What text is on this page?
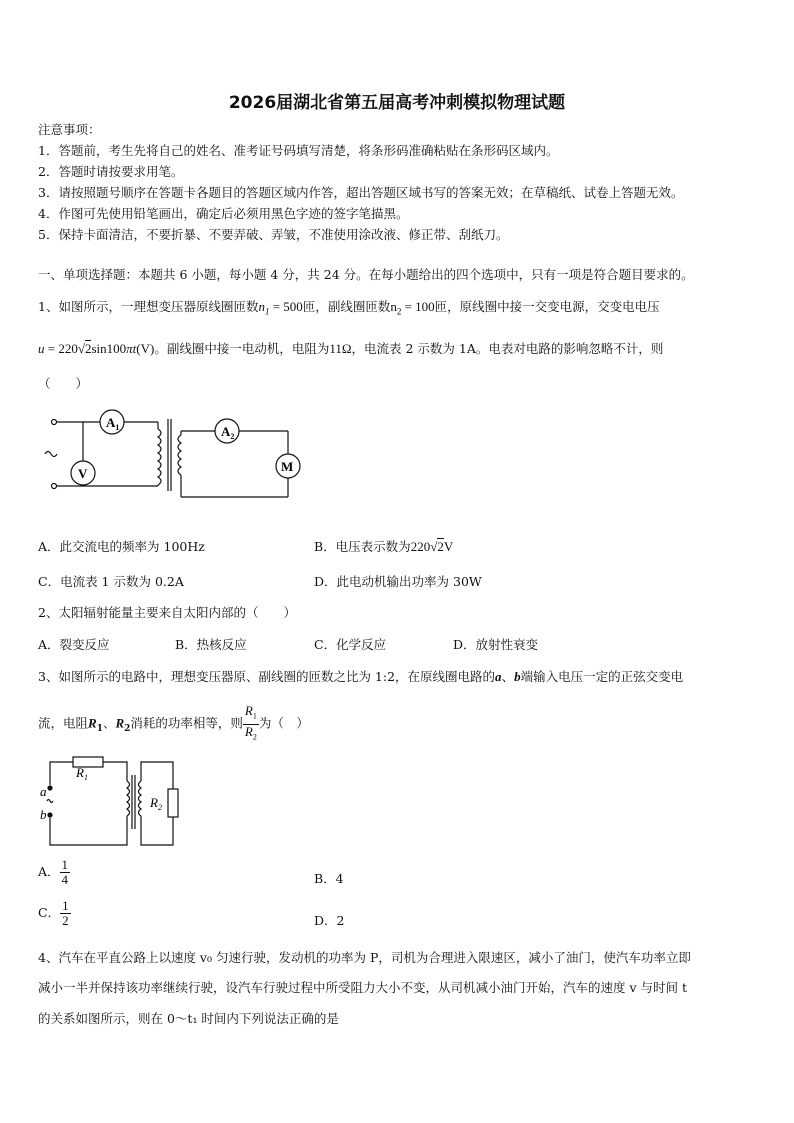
2026届湖北省第五届高考冲刺模拟物理试题
注意事项：
1．答题前，考生先将自己的姓名、准考证号码填写清楚，将条形码准确粘贴在条形码区域内。
2．答题时请按要求用笔。
3．请按照题号顺序在答题卡各题目的答题区域内作答，超出答题区域书写的答案无效；在草稿纸、试卷上答题无效。
4．作图可先使用铅笔画出，确定后必须用黑色字迹的签字笔描黑。
5．保持卡面清洁，不要折暴、不要弄破、弄皱，不准使用涂改液、修正带、刮纸刀。
一、单项选择题：本题共 6 小题，每小题 4 分，共 24 分。在每小题给出的四个选项中，只有一项是符合题目要求的。
1、如图所示，一理想变压器原线圈匝数$n_1 = 500$匝，副线圈匝数$n_2 = 100$匝，原线圈中接一交变电源，交变电电压
u = 220√2sin100πt(V)。副线圈中接一电动机，电阻为11Ω，电流表 2 示数为 1A。电表对电路的影响忽略不计，则
（　　）
$A_1$	$A_2$
V	M
A．此交流电的频率为 100Hz	B．电压表示数为220√2V
C．电流表 1 示数为 0.2A	D．此电动机输出功率为 30W
2、太阳辐射能量主要来自太阳内部的（　　）
A．裂变反应	B．热核反应	C．化学反应	D．放射性衰变
3、如图所示的电路中，理想变压器原、副线圈的匝数之比为 1:2，在原线圈电路的a、b端输入电压一定的正弦交变电
流，电阻$R_1$、$R_2$消耗的功率相等，则 $\frac{R_1}{R_2}$ 为（　）
$R_1$
$R_2$
a
b
A． $\frac{1}{4}$	B．4
C． $\frac{1}{2}$	D．2
4、汽车在平直公路上以速度 v₀ 匀速行驶，发动机的功率为 P，司机为合理进入限速区，减小了油门，使汽车功率立即
减小一半并保持该功率继续行驶，设汽车行驶过程中所受阻力大小不变，从司机减小油门开始，汽车的速度 v 与时间 t
的关系如图所示，则在 0～t₁ 时间内下列说法正确的是
